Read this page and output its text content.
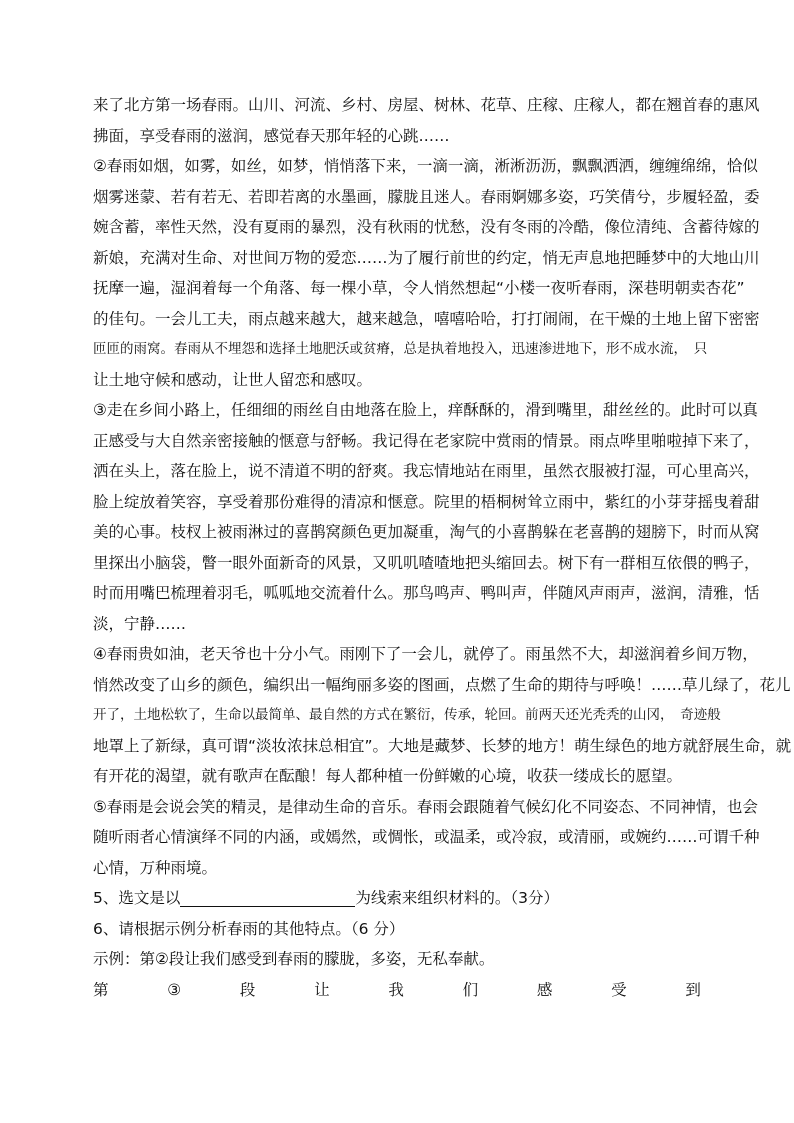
来了北方第一场春雨。山川、河流、乡村、房屋、树林、花草、庄稼、庄稼人，都在翘首春的惠风
拂面，享受春雨的滋润，感觉春天那年轻的心跳……
②春雨如烟，如雾，如丝，如梦，悄悄落下来，一滴一滴，淅淅沥沥，飘飘洒洒，缠缠绵绵，恰似
烟雾迷蒙、若有若无、若即若离的水墨画，朦胧且迷人。春雨婀娜多姿，巧笑倩兮，步履轻盈，委
婉含蓄，率性天然，没有夏雨的暴烈，没有秋雨的忧愁，没有冬雨的冷酷，像位清纯、含蓄待嫁的
新娘，充满对生命、对世间万物的爱恋……为了履行前世的约定，悄无声息地把睡梦中的大地山川
抚摩一遍，湿润着每一个角落、每一棵小草，令人悄然想起“小楼一夜听春雨，深巷明朝卖杏花”
的佳句。一会儿工夫，雨点越来越大，越来越急，嘻嘻哈哈，打打闹闹，在干燥的土地上留下密密
匝匝的雨窝。春雨从不埋怨和选择土地肥沃或贫瘠，总是执着地投入，迅速渗进地下，形不成水流，　只
让土地守候和感动，让世人留恋和感叹。
③走在乡间小路上，任细细的雨丝自由地落在脸上，痒酥酥的，滑到嘴里，甜丝丝的。此时可以真
正感受与大自然亲密接触的惬意与舒畅。我记得在老家院中赏雨的情景。雨点哗里啪啦掉下来了，
洒在头上，落在脸上，说不清道不明的舒爽。我忘情地站在雨里，虽然衣服被打湿，可心里高兴，
脸上绽放着笑容，享受着那份难得的清凉和惬意。院里的梧桐树耸立雨中，紫红的小芽芽摇曳着甜
美的心事。枝杈上被雨淋过的喜鹊窝颜色更加凝重，淘气的小喜鹊躲在老喜鹊的翅膀下，时而从窝
里探出小脑袋，瞥一眼外面新奇的风景，又叽叽喳喳地把头缩回去。树下有一群相互依偎的鸭子，
时而用嘴巴梳理着羽毛，呱呱地交流着什么。那鸟鸣声、鸭叫声，伴随风声雨声，滋润，清雅，恬
淡，宁静……
④春雨贵如油，老天爷也十分小气。雨刚下了一会儿，就停了。雨虽然不大，却滋润着乡间万物，
悄然改变了山乡的颜色，编织出一幅绚丽多姿的图画，点燃了生命的期待与呼唤！……草儿绿了，花儿
开了，土地松软了，生命以最简单、最自然的方式在繁衍，传承，轮回。前两天还光秃秃的山冈，　奇迹般
地罩上了新绿，真可谓“淡妆浓抹总相宜”。大地是藏梦、长梦的地方！萌生绿色的地方就舒展生命，就
有开花的渴望，就有歌声在酝酿！每人都种植一份鲜嫩的心境，收获一缕成长的愿望。
⑤春雨是会说会笑的精灵，是律动生命的音乐。春雨会跟随着气候幻化不同姿态、不同神情，也会
随听雨者心情演绎不同的内涵，或嫣然，或惆怅，或温柔，或冷寂，或清丽，或婉约……可谓千种
心情，万种雨境。
5、选文是以	为线索来组织材料的。（3分）
6、请根据示例分析春雨的其他特点。（6 分）
示例：第②段让我们感受到春雨的朦胧，多姿，无私奉献。
第	③	段	让	我	们	感	受	到
